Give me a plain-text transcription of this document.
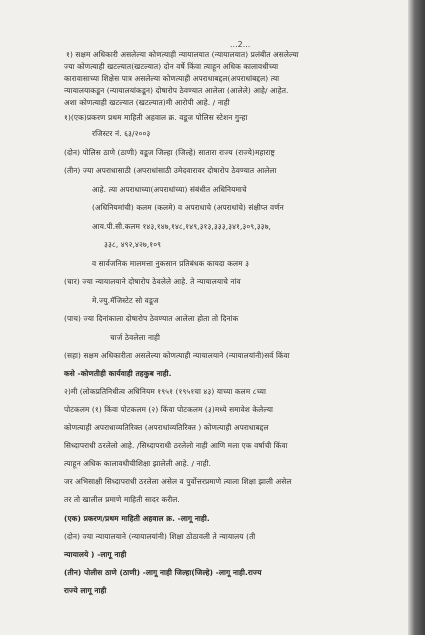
...2...
१) सक्षम अधिकारी असलेल्या कोणत्याही न्यायालयात (न्यायालयात) प्रलंबीत असलेल्या
ज्या कोणत्याही खटल्यात(खटल्यात) दोन वर्षे किंवा त्याहून अधिक कालावधीच्या
कारावासाच्या शिक्षेस पात्र असलेल्या कोणत्याही अपराधाबद्दल(अपराधांबद्दल) त्या
न्यायालयाकडून (न्यायालयांकडून) दोषारोप ठेवण्यात आलेला (आलेले) आहे/ आहेत.
अशा कोणत्याही खटल्यात (खटल्यात)मी आरोपी आहे. / नाही
१)(एक)प्रकरण प्रथम माहिती अहवाल क्र. वडूज पोलिस स्टेशन गुन्हा
रजिस्टर नं. ६३/२००३
(दोन) पोलिस ठाणे (ठाणी) वडूज जिल्हा (जिल्हे) सातारा राज्य (राज्ये)महाराष्ट्र
(तीन) ज्या अपराधासाठी (अपराधांसाठी उमेदवारावर दोषारोप ठेवण्यात आलेला
आहे. त्या अपराधाच्या(अपराधांच्या) संबंधीत अधिनियमाचे
(अधिनियमांची) कलम (कलमे) व अपराधाचे (अपराधांचे) संक्षीप्त वर्णन
आय.पी.सी.कलम १४३,१४७,१४८,१४९,३१३,३३३,३४१,३०९,३३७,
३३८, ४९२,४२७,१०९
व सार्वजनिक मालमत्ता नुकसान प्रतिबंधक कायदा कलम ३
(चार) ज्या न्यायालयाने दोषारोप ठेवलेले आहे. ते न्यायालयाचे नांव
मे.ज्यु.मॅजिस्टेट सो वडूज
(पाच) ज्या दिनांकाला दोषारोप ठेवण्यात आलेला होता तो दिनांक
चार्ज ठेवलेला नाही
(सहा) सक्षम अधिकारीता असलेल्या कोणत्याही न्यायालयाने (न्यायालयांनी)सर्व किंवा
कसे -कोणतीही कार्यवाही तहकुब नाही.
२)मी (लोकप्रतिनिधीत्व अधिनियम १९५१ (१९५१चा ४३) याच्या कलम ८च्या
पोटकलम (१) किंवा पोटकलम (२) किंवा पोटकलम (३)मध्ये समावेश केलेल्या
कोणत्याही अपराधाव्यतिरिक्त (अपराधांव्यतिरिक्त ) कोणत्याही अपराधाबद्दल
सिध्दापराधी ठरलेलो आहे. /सिध्दापराधी ठरलेलो नाही आणि मला एक वर्षाची किंवा
त्याहून अधिक कालावधीचीशिक्षा झालेली आहे. / नाही.
जर अभिसाक्षी सिध्दापराधी ठरलेला असेल व पुर्वोत्तरप्रमाणे त्याला शिक्षा झाली असेल
तर तो खालील प्रमाणे माहिती सादर करील.
(एक) प्रकरण/प्रथम माहिती अहवाल क्र. -लागू नाही.
(दोन) ज्या न्यायालयाने (न्यायालयांनी) शिक्षा ठोठावली ते न्यायालय (ती
न्यायालये ) -लागू नाही
(तीन) पोलीस ठाणे (ठाणी) -लागू नाही जिल्हा(जिल्हे) -लागू नाही.राज्य
राज्ये लागू नाही
